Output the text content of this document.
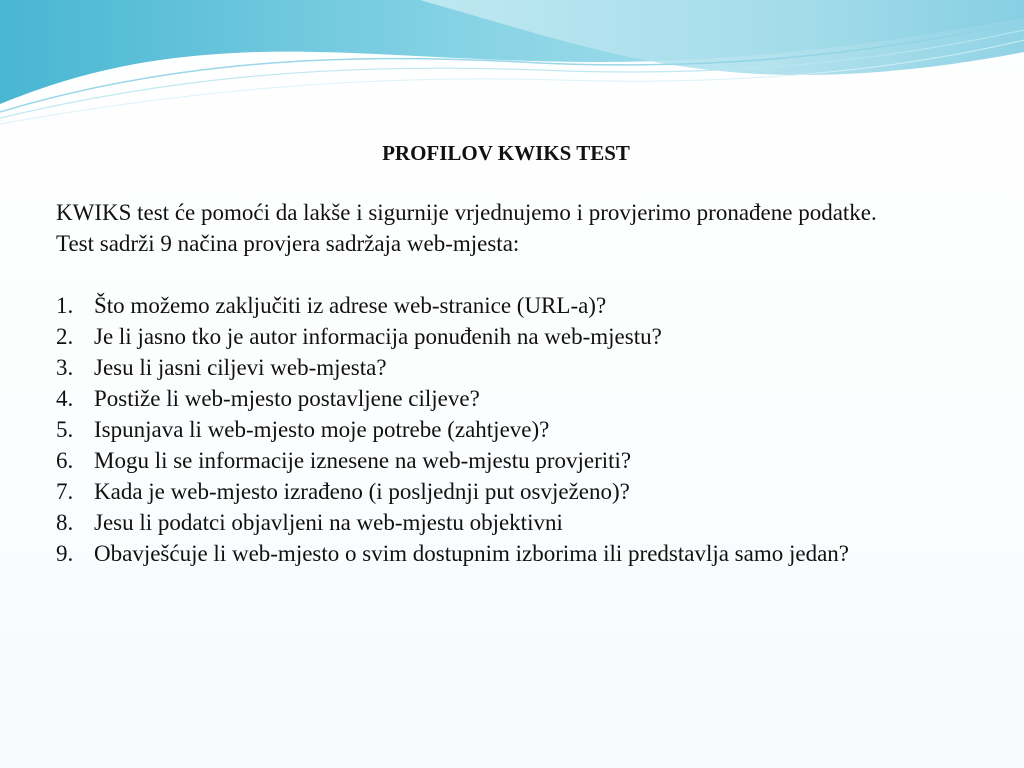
PROFILOV KWIKS TEST

KWIKS test će pomoći da lakše i sigurnije vrjednujemo i provjerimo pronađene podatke.

Test sadrži 9 načina provjera sadržaja web-mjesta:

1. Što možemo zaključiti iz adrese web-stranice (URL-a)?
2. Je li jasno tko je autor informacija ponuđenih na web-mjestu?
3. Jesu li jasni ciljevi web-mjesta?
4. Postiže li web-mjesto postavljene ciljeve?
5. Ispunjava li web-mjesto moje potrebe (zahtjeve)?
6. Mogu li se informacije iznesene na web-mjestu provjeriti?
7. Kada je web-mjesto izrađeno (i posljednji put osvježeno)?
8. Jesu li podatci objavljeni na web-mjestu objektivni
9. Obavješćuje li web-mjesto o svim dostupnim izborima ili predstavlja samo jedan?
